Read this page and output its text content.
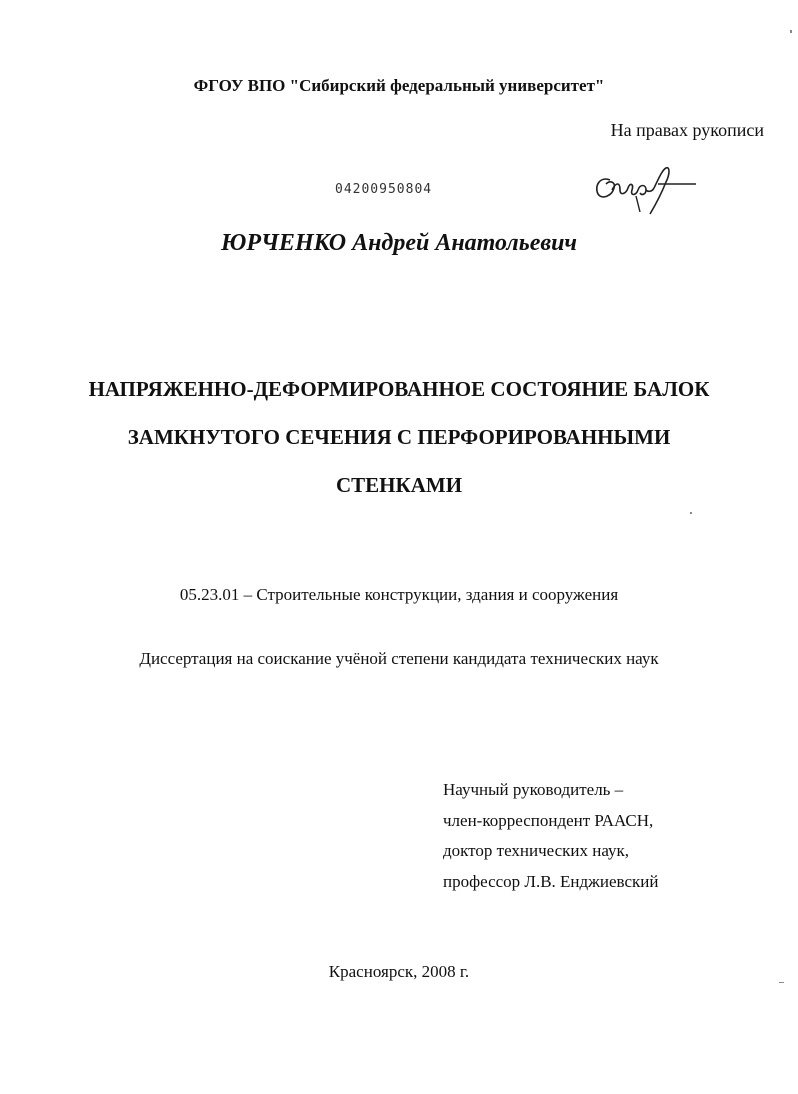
ФГОУ ВПО "Сибирский федеральный университет"
На правах рукописи
04200950804
ЮРЧЕНКО Андрей Анатольевич
НАПРЯЖЕННО-ДЕФОРМИРОВАННОЕ СОСТОЯНИЕ БАЛОК
ЗАМКНУТОГО СЕЧЕНИЯ С ПЕРФОРИРОВАННЫМИ
СТЕНКАМИ
05.23.01 – Строительные конструкции, здания и сооружения
Диссертация на соискание учёной степени кандидата технических наук
Научный руководитель –
член-корреспондент РААСН,
доктор технических наук,
профессор Л.В. Енджиевский
Красноярск, 2008 г.
